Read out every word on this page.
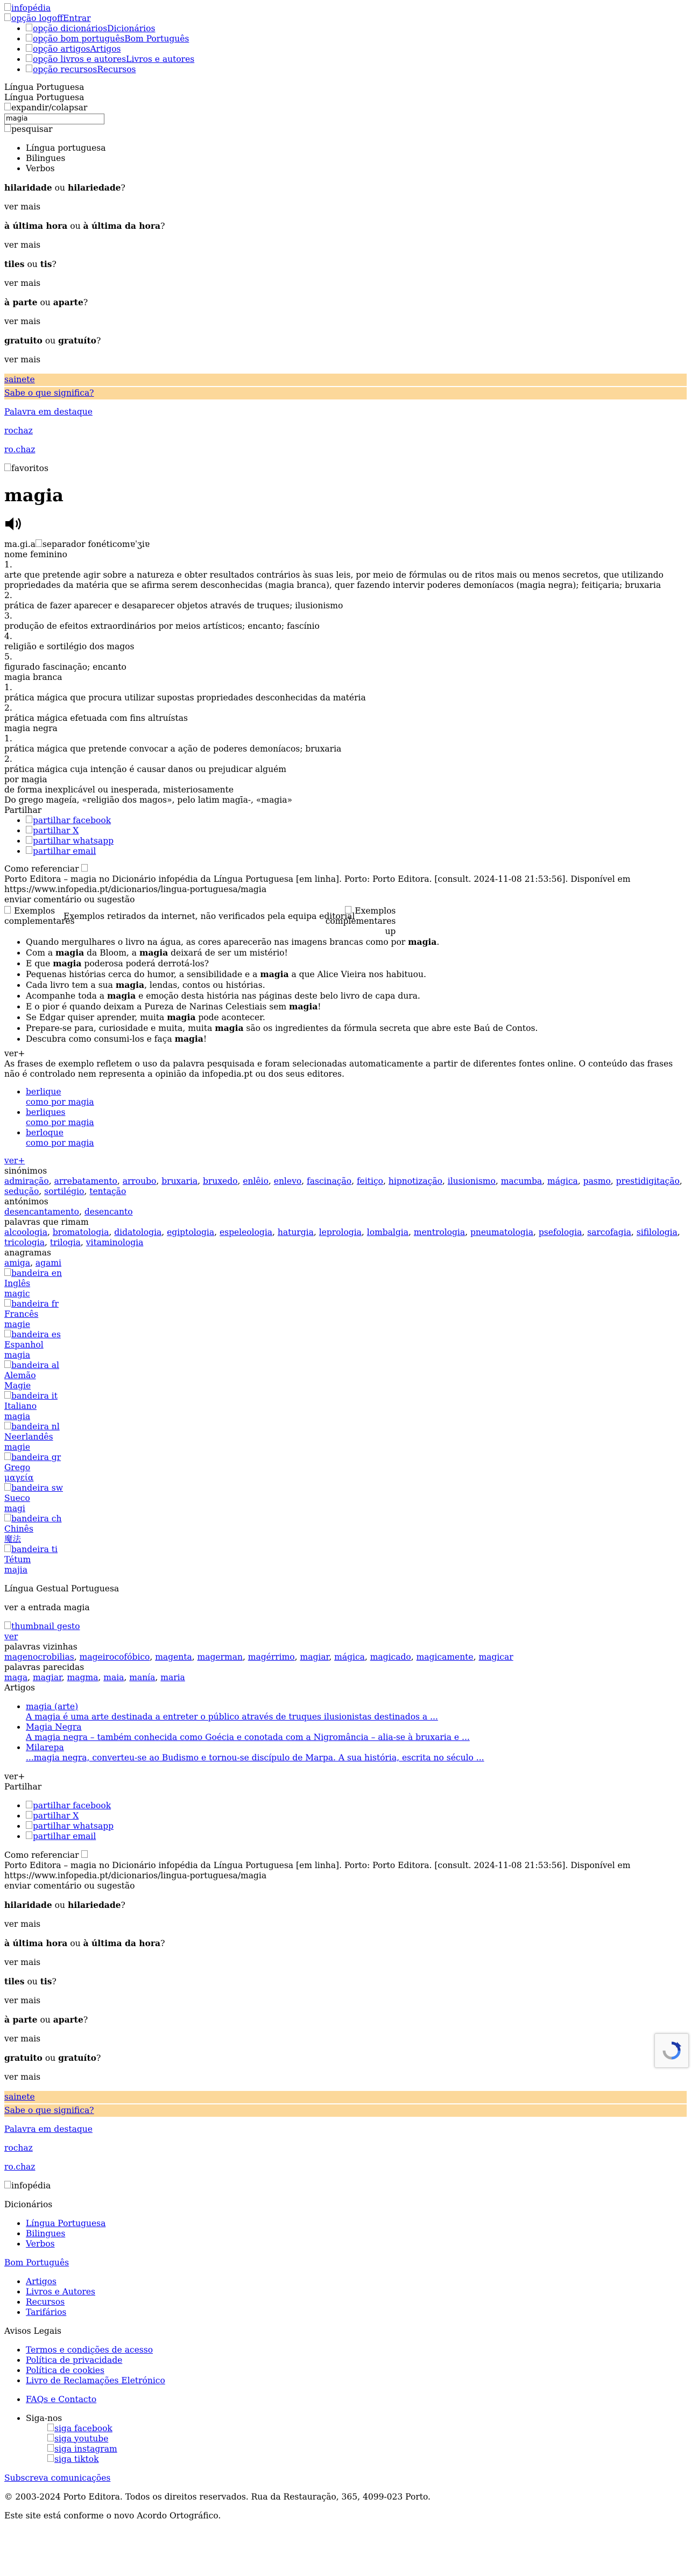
infopédia
opção logoffEntrar
• opção dicionáriosDicionários
• opção bom portuguêsBom Português
• opção artigosArtigos
• opção livros e autoresLivros e autores
• opção recursosRecursos
Língua Portuguesa
Língua Portuguesa
expandir/colapsar
magia
pesquisar
• Língua portuguesa
• Bilingues
• Verbos

hilaridade ou hilariedade?

ver mais

à última hora ou à última da hora?

ver mais

tiles ou tis?

ver mais

à parte ou aparte?

ver mais

gratuito ou gratuíto?

ver mais

sainete
Sabe o que significa?

Palavra em destaque

rochaz

ro.chaz

favoritos
magia
ma.gi.a separador fonéticomɐˈʒiɐ
nome feminino
1.
arte que pretende agir sobre a natureza e obter resultados contrários às suas leis, por meio de fórmulas ou de ritos mais ou menos secretos, que utilizando propriedades da matéria que se afirma serem desconhecidas (magia branca), quer fazendo intervir poderes demoníacos (magia negra); feitiçaria; bruxaria
2.
prática de fazer aparecer e desaparecer objetos através de truques; ilusionismo
3.
produção de efeitos extraordinários por meios artísticos; encanto; fascínio
4.
religião e sortilégio dos magos
5.
figurado fascinação; encanto
magia branca
1.
prática mágica que procura utilizar supostas propriedades desconhecidas da matéria
2.
prática mágica efetuada com fins altruístas
magia negra
1.
prática mágica que pretende convocar a ação de poderes demoníacos; bruxaria
2.
prática mágica cuja intenção é causar danos ou prejudicar alguém
por magia
de forma inexplicável ou inesperada, misteriosamente
Do grego mageía, «religião dos magos», pelo latim magīa-, «magia»
Partilhar
• partilhar facebook
• partilhar X
• partilhar whatsapp
• partilhar email
Como referenciar
Porto Editora – magia no Dicionário infopédia da Língua Portuguesa [em linha]. Porto: Porto Editora. [consult. 2024-11-08 21:53:56]. Disponível em https://www.infopedia.pt/dicionarios/lingua-portuguesa/magia
enviar comentário ou sugestão
Exemplos complementares
Exemplos retirados da internet, não verificados pela equipa editorial
Exemplos complementares
up
• Quando mergulhares o livro na água, as cores aparecerão nas imagens brancas como por magia.
• Com a magia da Bloom, a magia deixará de ser um mistério!
• E que magia poderosa poderá derrotá-los?
• Pequenas histórias cerca do humor, a sensibilidade e a magia a que Alice Vieira nos habituou.
• Cada livro tem a sua magia, lendas, contos ou histórias.
• Acompanhe toda a magia e emoção desta história nas páginas deste belo livro de capa dura.
• E o pior é quando deixam a Pureza de Narinas Celestiais sem magia!
• Se Edgar quiser aprender, muita magia pode acontecer.
• Prepare-se para, curiosidade e muita, muita magia são os ingredientes da fórmula secreta que abre este Baú de Contos.
• Descubra como consumi-los e faça magia!
ver+
As frases de exemplo refletem o uso da palavra pesquisada e foram selecionadas automaticamente a partir de diferentes fontes online. O conteúdo das frases não é controlado nem representa a opinião da infopedia.pt ou dos seus editores.
• berlique
como por magia
• berliques
como por magia
• berloque
como por magia
ver+
sinónimos
admiração, arrebatamento, arroubo, bruxaria, bruxedo, enlêio, enlevo, fascinação, feitiço, hipnotização, ilusionismo, macumba, mágica, pasmo, prestidigitação, sedução, sortilégio, tentação
antónimos
desencantamento, desencanto
palavras que rimam
alcoologia, bromatologia, didatologia, egiptologia, espeleologia, haturgia, leprologia, lombalgia, mentrologia, pneumatologia, psefologia, sarcofagia, sifilologia, tricologia, trilogia, vitaminologia
anagramas
amiga, agami
bandeira en
Inglês
magic
bandeira fr
Francês
magie
bandeira es
Espanhol
magia
bandeira al
Alemão
Magie
bandeira it
Italiano
magia
bandeira nl
Neerlandês
magie
bandeira gr
Grego
μαγεία
bandeira sw
Sueco
magi
bandeira ch
Chinês
魔法
bandeira ti
Tétum
majia

Língua Gestual Portuguesa

ver a entrada magia

thumbnail gesto
ver
palavras vizinhas
magenocrobilias, mageirocofóbico, magenta, magerman, magérrimo, magiar, mágica, magicado, magicamente, magicar
palavras parecidas
maga, magiar, magma, maia, manía, maria
Artigos
• magia (arte)
A magia é uma arte destinada a entreter o público através de truques ilusionistas destinados a ...
• Magia Negra
A magia negra – também conhecida como Goécia e conotada com a Nigromância – alia-se à bruxaria e ...
• Milarepa
...magia negra, converteu-se ao Budismo e tornou-se discípulo de Marpa. A sua história, escrita no século ...
ver+
Partilhar
• partilhar facebook
• partilhar X
• partilhar whatsapp
• partilhar email
Como referenciar
Porto Editora – magia no Dicionário infopédia da Língua Portuguesa [em linha]. Porto: Porto Editora. [consult. 2024-11-08 21:53:56]. Disponível em https://www.infopedia.pt/dicionarios/lingua-portuguesa/magia
enviar comentário ou sugestão

hilaridade ou hilariedade?

ver mais

à última hora ou à última da hora?

ver mais

tiles ou tis?

ver mais

à parte ou aparte?

ver mais

gratuito ou gratuíto?

ver mais

sainete
Sabe o que significa?

Palavra em destaque

rochaz

ro.chaz

infopédia

Dicionários

• Língua Portuguesa
• Bilingues
• Verbos

Bom Português

• Artigos
• Livros e Autores
• Recursos
• Tarifários

Avisos Legais

• Termos e condições de acesso
• Política de privacidade
• Política de cookies
• Livro de Reclamações Eletrónico
• FAQs e Contacto
• Siga-nos
siga facebook
siga youtube
siga instagram
siga tiktok
Subscreva comunicações

© 2003-2024 Porto Editora. Todos os direitos reservados. Rua da Restauração, 365, 4099-023 Porto.

Este site está conforme o novo Acordo Ortográfico.
